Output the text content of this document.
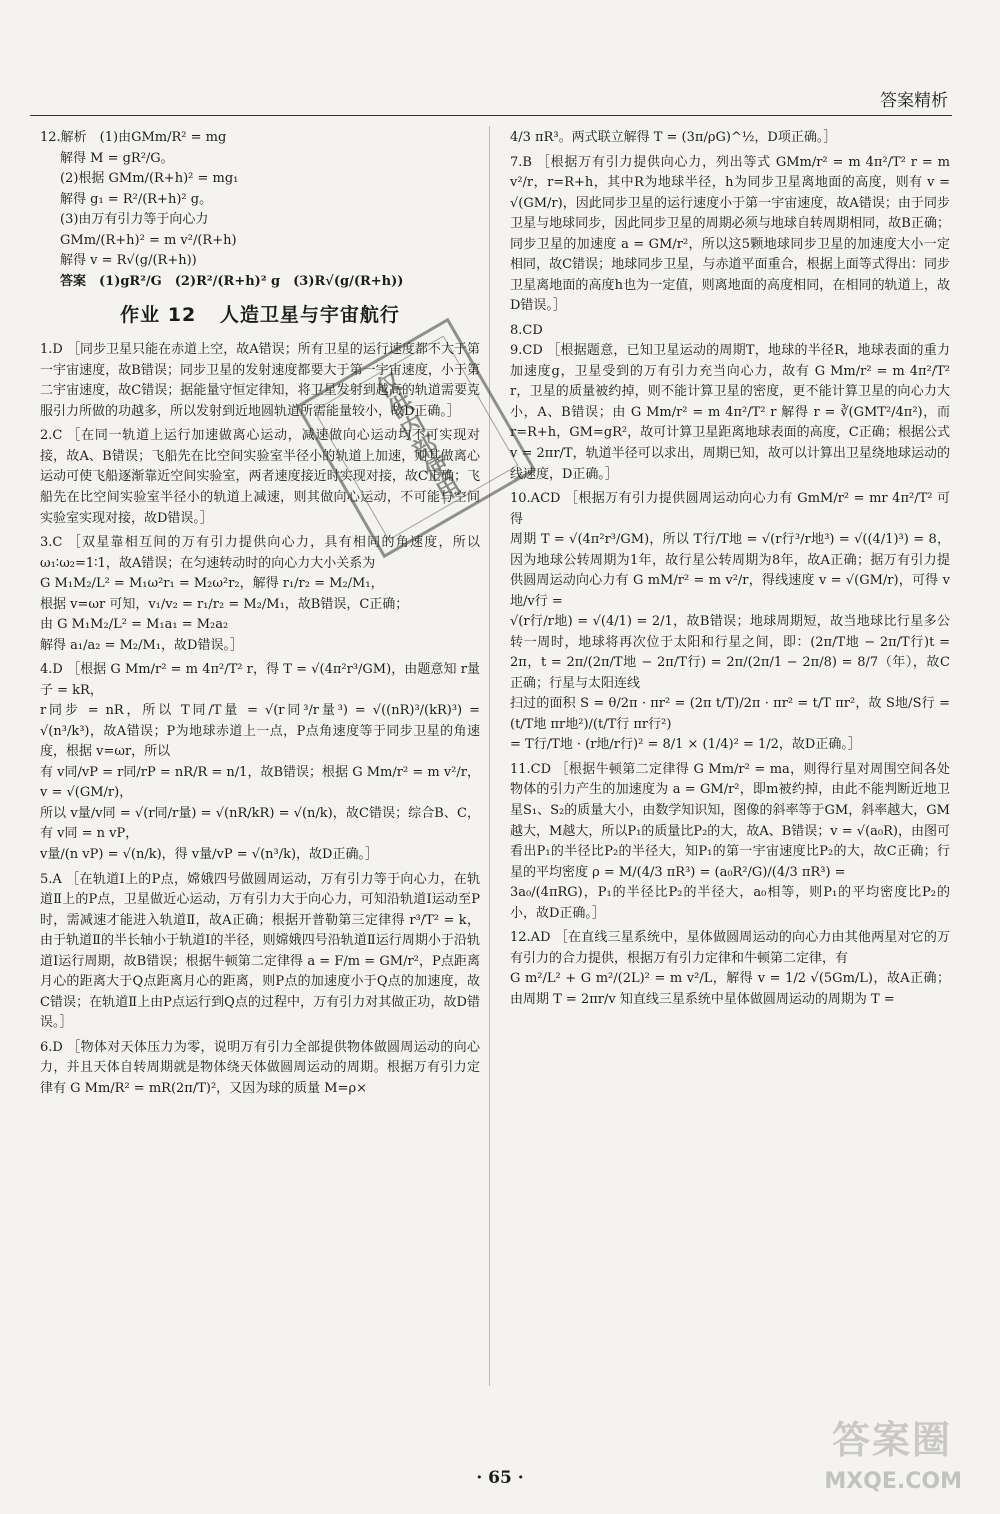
答案精析
12.解析　(1)由GMm/R² = mg
解得 M = gR²/G。
(2)根据 GMm/(R+h)² = mg₁
解得 g₁ = R²/(R+h)² g。
(3)由万有引力等于向心力
GMm/(R+h)² = m v²/(R+h)
解得 v = R√(g/(R+h))
答案　(1)gR²/G　(2)R²/(R+h)² g　(3)R√(g/(R+h))
作业 12 人造卫星与宇宙航行
1.D ［同步卫星只能在赤道上空，故A错误；所有卫星的运行速度都不大于第一宇宙速度，故B错误；同步卫星的发射速度都要大于第一宇宙速度，小于第二宇宙速度，故C错误；据能量守恒定律知，将卫星发射到越高的轨道需要克服引力所做的功越多，所以发射到近地圆轨道所需能量较小，故D正确。］
2.C ［在同一轨道上运行加速做离心运动，减速做向心运动均不可实现对接，故A、B错误；飞船先在比空间实验室半径小的轨道上加速，则其做离心运动可使飞船逐渐靠近空间实验室，两者速度接近时实现对接，故C正确；飞船先在比空间实验室半径小的轨道上减速，则其做向心运动，不可能与空间实验室实现对接，故D错误。］
3.C ［双星靠相互间的万有引力提供向心力，具有相同的角速度，所以ω₁∶ω₂=1∶1，故A错误；在匀速转动时的向心力大小关系为
G M₁M₂/L² = M₁ω²r₁ = M₂ω²r₂，解得 r₁/r₂ = M₂/M₁，
根据 v=ωr 可知，v₁/v₂ = r₁/r₂ = M₂/M₁，故B错误，C正确；
由 G M₁M₂/L² = M₁a₁ = M₂a₂
解得 a₁/a₂ = M₂/M₁，故D错误。］
4.D ［根据 G Mm/r² = m 4π²/T² r，得 T = √(4π²r³/GM)，由题意知 r量子 = kR，
r同步 = nR，所以 T同/T量 = √(r同³/r量³) = √((nR)³/(kR)³) = √(n³/k³)，故A错误；P为地球赤道上一点，P点角速度等于同步卫星的角速度，根据 v=ωr，所以
有 v同/vP = r同/rP = nR/R = n/1，故B错误；根据 G Mm/r² = m v²/r，v = √(GM/r)，
所以 v量/v同 = √(r同/r量) = √(nR/kR) = √(n/k)，故C错误；综合B、C，有 v同 = n vP，
v量/(n vP) = √(n/k)，得 v量/vP = √(n³/k)，故D正确。］
5.A ［在轨道Ⅰ上的P点，嫦娥四号做圆周运动，万有引力等于向心力，在轨道Ⅱ上的P点，卫星做近心运动，万有引力大于向心力，可知沿轨道Ⅰ运动至P时，需减速才能进入轨道Ⅱ，故A正确；根据开普勒第三定律得 r³/T² = k，由于轨道Ⅱ的半长轴小于轨道Ⅰ的半径，则嫦娥四号沿轨道Ⅱ运行周期小于沿轨道Ⅰ运行周期，故B错误；根据牛顿第二定律得 a = F/m = GM/r²，P点距离月心的距离大于Q点距离月心的距离，则P点的加速度小于Q点的加速度，故C错误；在轨道Ⅱ上由P点运行到Q点的过程中，万有引力对其做正功，故D错误。］
6.D ［物体对天体压力为零，说明万有引力全部提供物体做圆周运动的向心力，并且天体自转周期就是物体绕天体做圆周运动的周期。根据万有引力定律有 G Mm/R² = mR(2π/T)²，又因为球的质量 M=ρ×
4/3 πR³。两式联立解得 T = (3π/ρG)^½，D项正确。］
7.B ［根据万有引力提供向心力，列出等式 GMm/r² = m 4π²/T² r = m v²/r，r=R+h，其中R为地球半径，h为同步卫星离地面的高度，则有 v = √(GM/r)，因此同步卫星的运行速度小于第一宇宙速度，故A错误；由于同步卫星与地球同步，因此同步卫星的周期必须与地球自转周期相同，故B正确；同步卫星的加速度 a = GM/r²，所以这5颗地球同步卫星的加速度大小一定相同，故C错误；地球同步卫星，与赤道平面重合，根据上面等式得出：同步卫星离地面的高度h也为一定值，则离地面的高度相同，在相同的轨道上，故D错误。］
8.CD
9.CD ［根据题意，已知卫星运动的周期T，地球的半径R，地球表面的重力加速度g，卫星受到的万有引力充当向心力，故有 G Mm/r² = m 4π²/T² r，卫星的质量被约掉，则不能计算卫星的密度，更不能计算卫星的向心力大小，A、B错误；由 G Mm/r² = m 4π²/T² r 解得 r = ∛(GMT²/4π²)，而 r=R+h，GM=gR²，故可计算卫星距离地球表面的高度，C正确；根据公式 v = 2πr/T，轨道半径可以求出，周期已知，故可以计算出卫星绕地球运动的线速度，D正确。］
10.ACD ［根据万有引力提供圆周运动向心力有 GmM/r² = mr 4π²/T² 可得
周期 T = √(4π²r³/GM)，所以 T行/T地 = √(r行³/r地³) = √((4/1)³) = 8，因为地球公转周期为1年，故行星公转周期为8年，故A正确；据万有引力提供圆周运动向心力有 G mM/r² = m v²/r，得线速度 v = √(GM/r)，可得 v地/v行 =
√(r行/r地) = √(4/1) = 2/1，故B错误；地球周期短，故当地球比行星多公转一周时，地球将再次位于太阳和行星之间，即：(2π/T地 − 2π/T行)t = 2π，t = 2π/(2π/T地 − 2π/T行) = 2π/(2π/1 − 2π/8) = 8/7（年），故C正确；行星与太阳连线
扫过的面积 S = θ/2π · πr² = (2π t/T)/2π · πr² = t/T πr²，故 S地/S行 = (t/T地 πr地²)/(t/T行 πr行²)
= T行/T地 · (r地/r行)² = 8/1 × (1/4)² = 1/2，故D正确。］
11.CD ［根据牛顿第二定律得 G Mm/r² = ma，则得行星对周围空间各处物体的引力产生的加速度为 a = GM/r²，即m被约掉，由此不能判断近地卫星S₁、S₂的质量大小，由数学知识知，图像的斜率等于GM，斜率越大，GM越大，M越大，所以P₁的质量比P₂的大，故A、B错误；v = √(a₀R)，由图可看出P₁的半径比P₂的半径大，知P₁的第一宇宙速度比P₂的大，故C正确；行星的平均密度 ρ = M/(4/3 πR³) = (a₀R²/G)/(4/3 πR³) =
3a₀/(4πRG)，P₁的半径比P₂的半径大，a₀相等，则P₁的平均密度比P₂的小，故D正确。］
12.AD ［在直线三星系统中，星体做圆周运动的向心力由其他两星对它的万有引力的合力提供，根据万有引力定律和牛顿第二定律，有
G m²/L² + G m²/(2L)² = m v²/L，解得 v = 1/2 √(5Gm/L)，故A正确；由周期 T = 2πr/v 知直线三星系统中星体做圆周运动的周期为 T =
仅供内部使用
· 65 ·
答案圈
MXQE.COM
